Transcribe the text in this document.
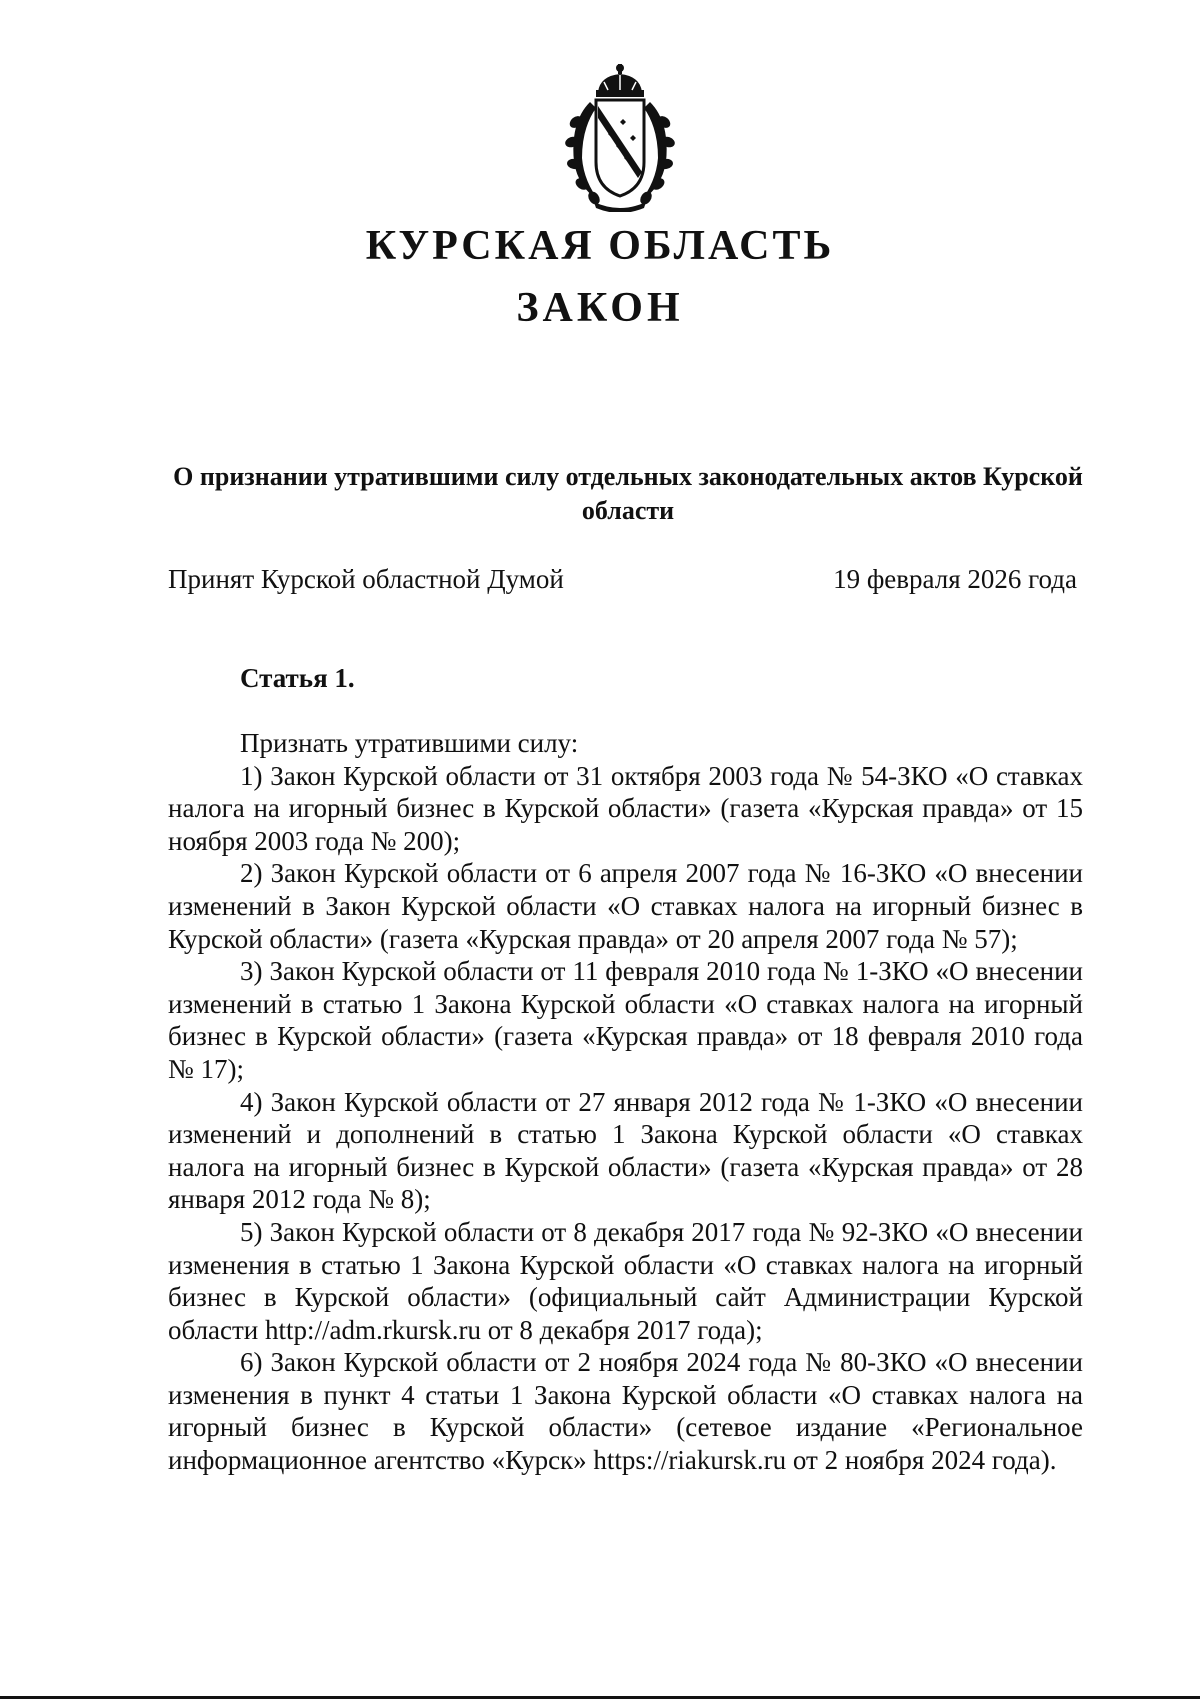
КУРСКАЯ ОБЛАСТЬ
ЗАКОН
О признании утратившими силу отдельных законодательных актов Курской области
Принят Курской областной Думой	19 февраля 2026 года
Статья 1.

Признать утратившими силу:

1) Закон Курской области от 31 октября 2003 года № 54-ЗКО «О ставках налога на игорный бизнес в Курской области» (газета «Курская правда» от 15 ноября 2003 года № 200);

2) Закон Курской области от 6 апреля 2007 года № 16-ЗКО «О внесении изменений в Закон Курской области «О ставках налога на игорный бизнес в Курской области» (газета «Курская правда» от 20 апреля 2007 года № 57);

3) Закон Курской области от 11 февраля 2010 года № 1-ЗКО «О внесении изменений в статью 1 Закона Курской области «О ставках налога на игорный бизнес в Курской области» (газета «Курская правда» от 18 февраля 2010 года № 17);

4) Закон Курской области от 27 января 2012 года № 1-ЗКО «О внесении изменений и дополнений в статью 1 Закона Курской области «О ставках налога на игорный бизнес в Курской области» (газета «Курская правда» от 28 января 2012 года № 8);

5) Закон Курской области от 8 декабря 2017 года № 92-ЗКО «О внесении изменения в статью 1 Закона Курской области «О ставках налога на игорный бизнес в Курской области» (официальный сайт Администрации Курской области http://adm.rkursk.ru от 8 декабря 2017 года);

6) Закон Курской области от 2 ноября 2024 года № 80-ЗКО «О внесении изменения в пункт 4 статьи 1 Закона Курской области «О ставках налога на игорный бизнес в Курской области» (сетевое издание «Региональное информационное агентство «Курск» https://riakursk.ru от 2 ноября 2024 года).
